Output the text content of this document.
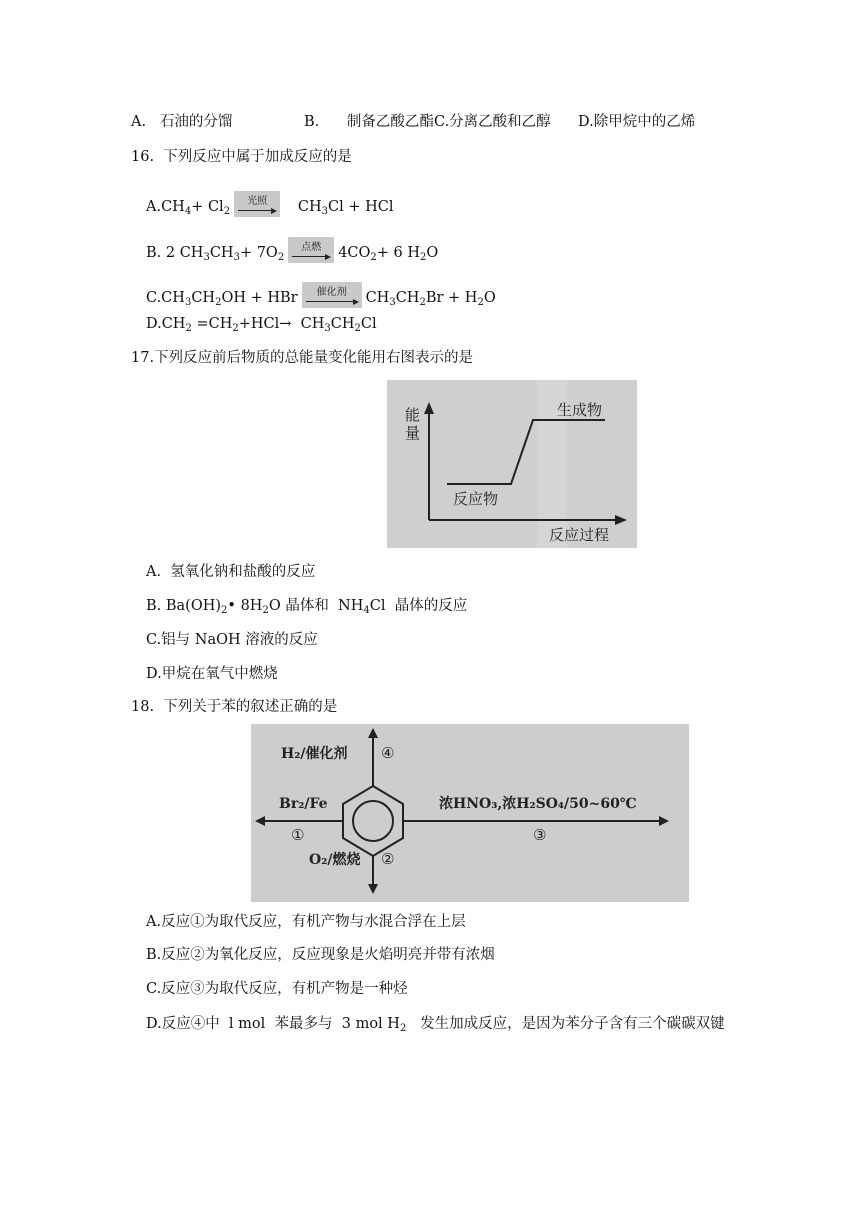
A.   石油的分馏	B.      制备乙酸乙酯 C.分离乙酸和乙醇 D.除甲烷中的乙烯
16.  下列反应中属于加成反应的是
$A.CH_4+ Cl_2$
光照	$CH_3Cl$ + HCl
B. 2 $CH_3CH_3+ 7O_2$
点燃	$4CO_2+ 6$ $H_2O$
$C.CH_3CH_2OH$ + HBr	催化剂	$CH_3CH_2Br + H_2O$
$D.CH_2 =CH_2+HCl\to CH_3CH_2Cl$
17.下列反应前后物质的总能量变化能用右图表示的是
能
量
生成物
反应物
反应过程
A.  氢氧化钠和盐酸的反应
B. $Ba(OH)_2•$ $8H_2O$ 晶体和  $NH_4Cl$  晶体的反应
C.铝与 NaOH 溶液的反应
D.甲烷在氧气中燃烧
18.  下列关于苯的叙述正确的是
H₂/催化剂 ④
Br₂/Fe
①
浓HNO₃,浓H₂SO₄/50~60℃
③
O₂/燃烧 ②
A.反应①为取代反应，有机产物与水混合浮在上层
B.反应②为氧化反应，反应现象是火焰明亮并带有浓烟
C.反应③为取代反应，有机产物是一种烃
D.反应④中  l mol  苯最多与  3 mol $H_2$   发生加成反应，是因为苯分子含有三个碳碳双键
